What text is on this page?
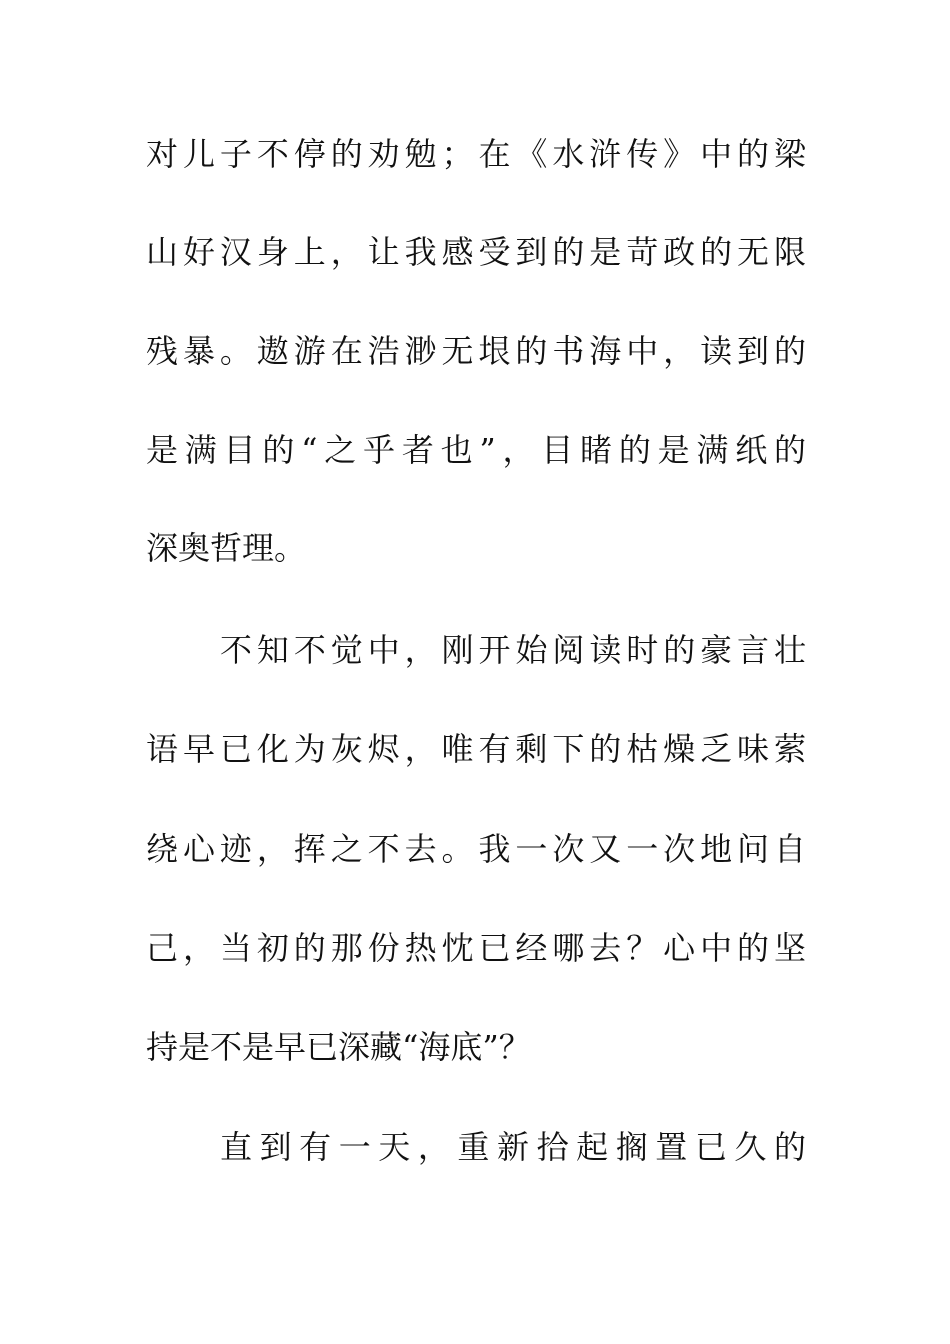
对儿子不停的劝勉；在《水浒传》中的梁
山好汉身上，让我感受到的是苛政的无限
残暴。遨游在浩渺无垠的书海中，读到的
是满目的“之乎者也”，目睹的是满纸的
深奥哲理。
不知不觉中，刚开始阅读时的豪言壮
语早已化为灰烬，唯有剩下的枯燥乏味萦
绕心迹，挥之不去。我一次又一次地问自
己，当初的那份热忱已经哪去？心中的坚
持是不是早已深藏“海底”？
直到有一天，重新拾起搁置已久的
